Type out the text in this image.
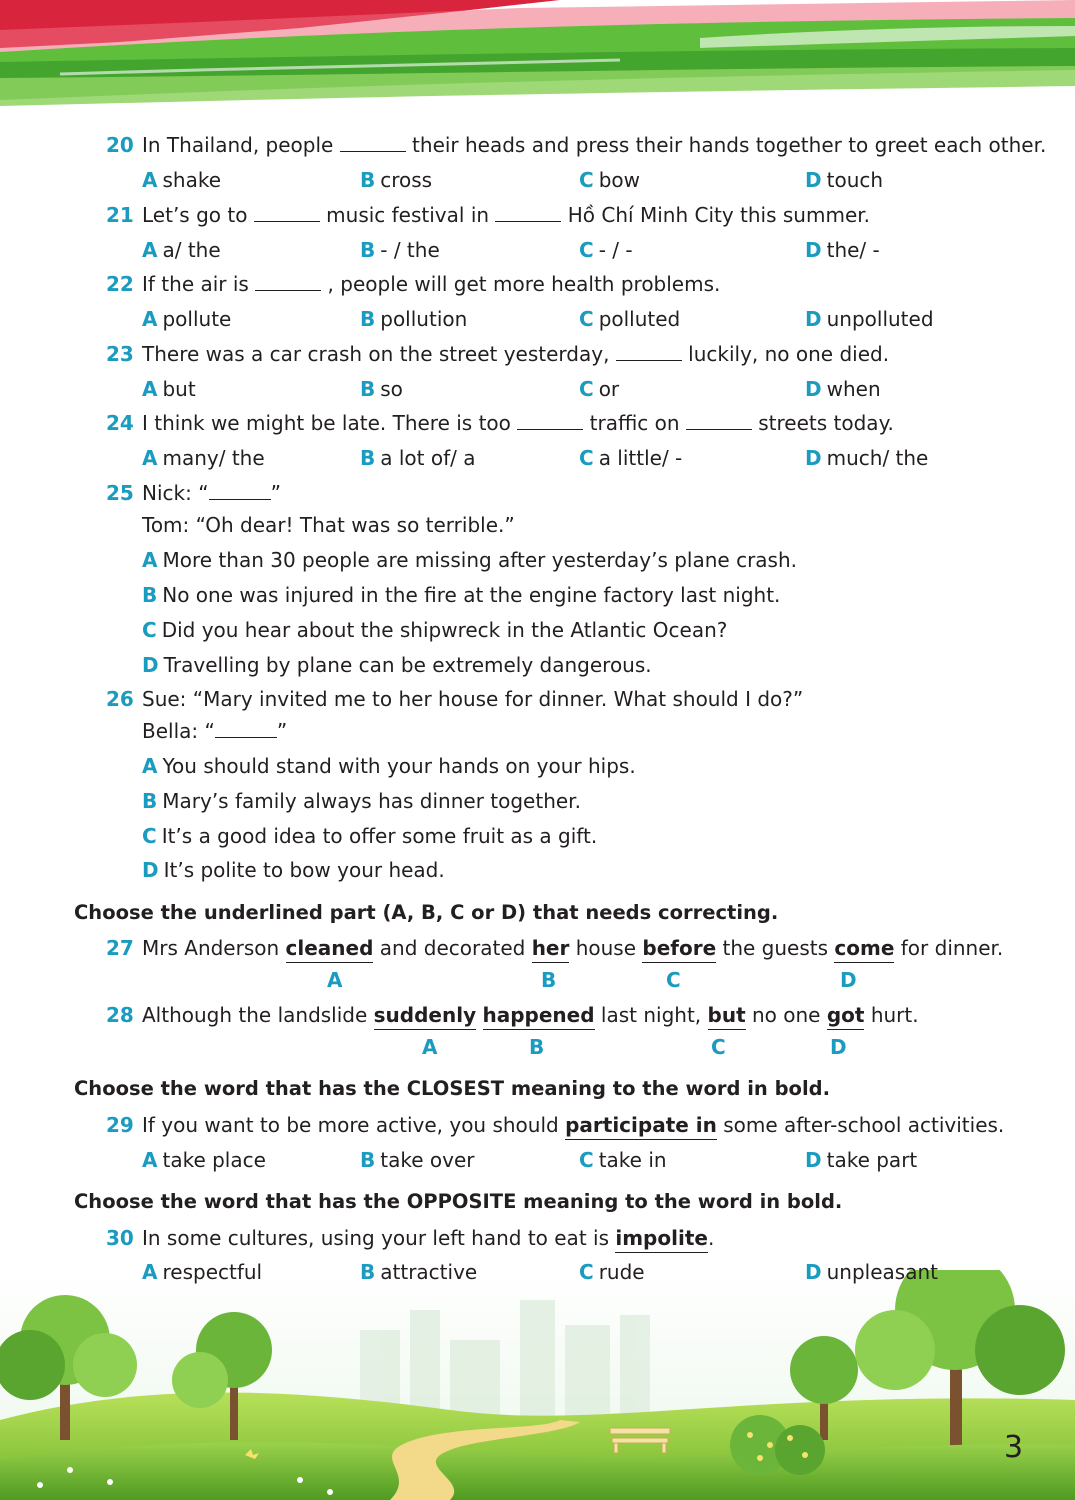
20 In Thailand, people	their heads and press their hands together to greet each other.
A shake	B cross	C bow	D touch
21 Let’s go to	music festival in	Hồ Chí Minh City this summer.
A a/ the	B - / the	C - / -	D the/ -
22 If the air is	, people will get more health problems.
A pollute	B pollution	C polluted	D unpolluted
23 There was a car crash on the street yesterday,	luckily, no one died.
A but	B so	C or	D when
24 I think we might be late. There is too	traffic on	streets today.
A many/ the	B a lot of/ a	C a little/ -	D much/ the
25 Nick: “	”
Tom: “Oh dear! That was so terrible.”
A More than 30 people are missing after yesterday’s plane crash.
B No one was injured in the fire at the engine factory last night.
C Did you hear about the shipwreck in the Atlantic Ocean?
D Travelling by plane can be extremely dangerous.
26 Sue: “Mary invited me to her house for dinner. What should I do?”
Bella: “	”
A You should stand with your hands on your hips.
B Mary’s family always has dinner together.
C It’s a good idea to offer some fruit as a gift.
D It’s polite to bow your head.
Choose the underlined part (A, B, C or D) that needs correcting.
27 Mrs Anderson cleaned and decorated her house before the guests come for dinner.
A	B	C	D
28 Although the landslide suddenly happened last night, but no one got hurt.
A	B	C	D
Choose the word that has the CLOSEST meaning to the word in bold.
29 If you want to be more active, you should participate in some after-school activities.
A take place	B take over	C take in	D take part
Choose the word that has the OPPOSITE meaning to the word in bold.
30 In some cultures, using your left hand to eat is impolite.
A respectful	B attractive	C rude	D unpleasant
3
